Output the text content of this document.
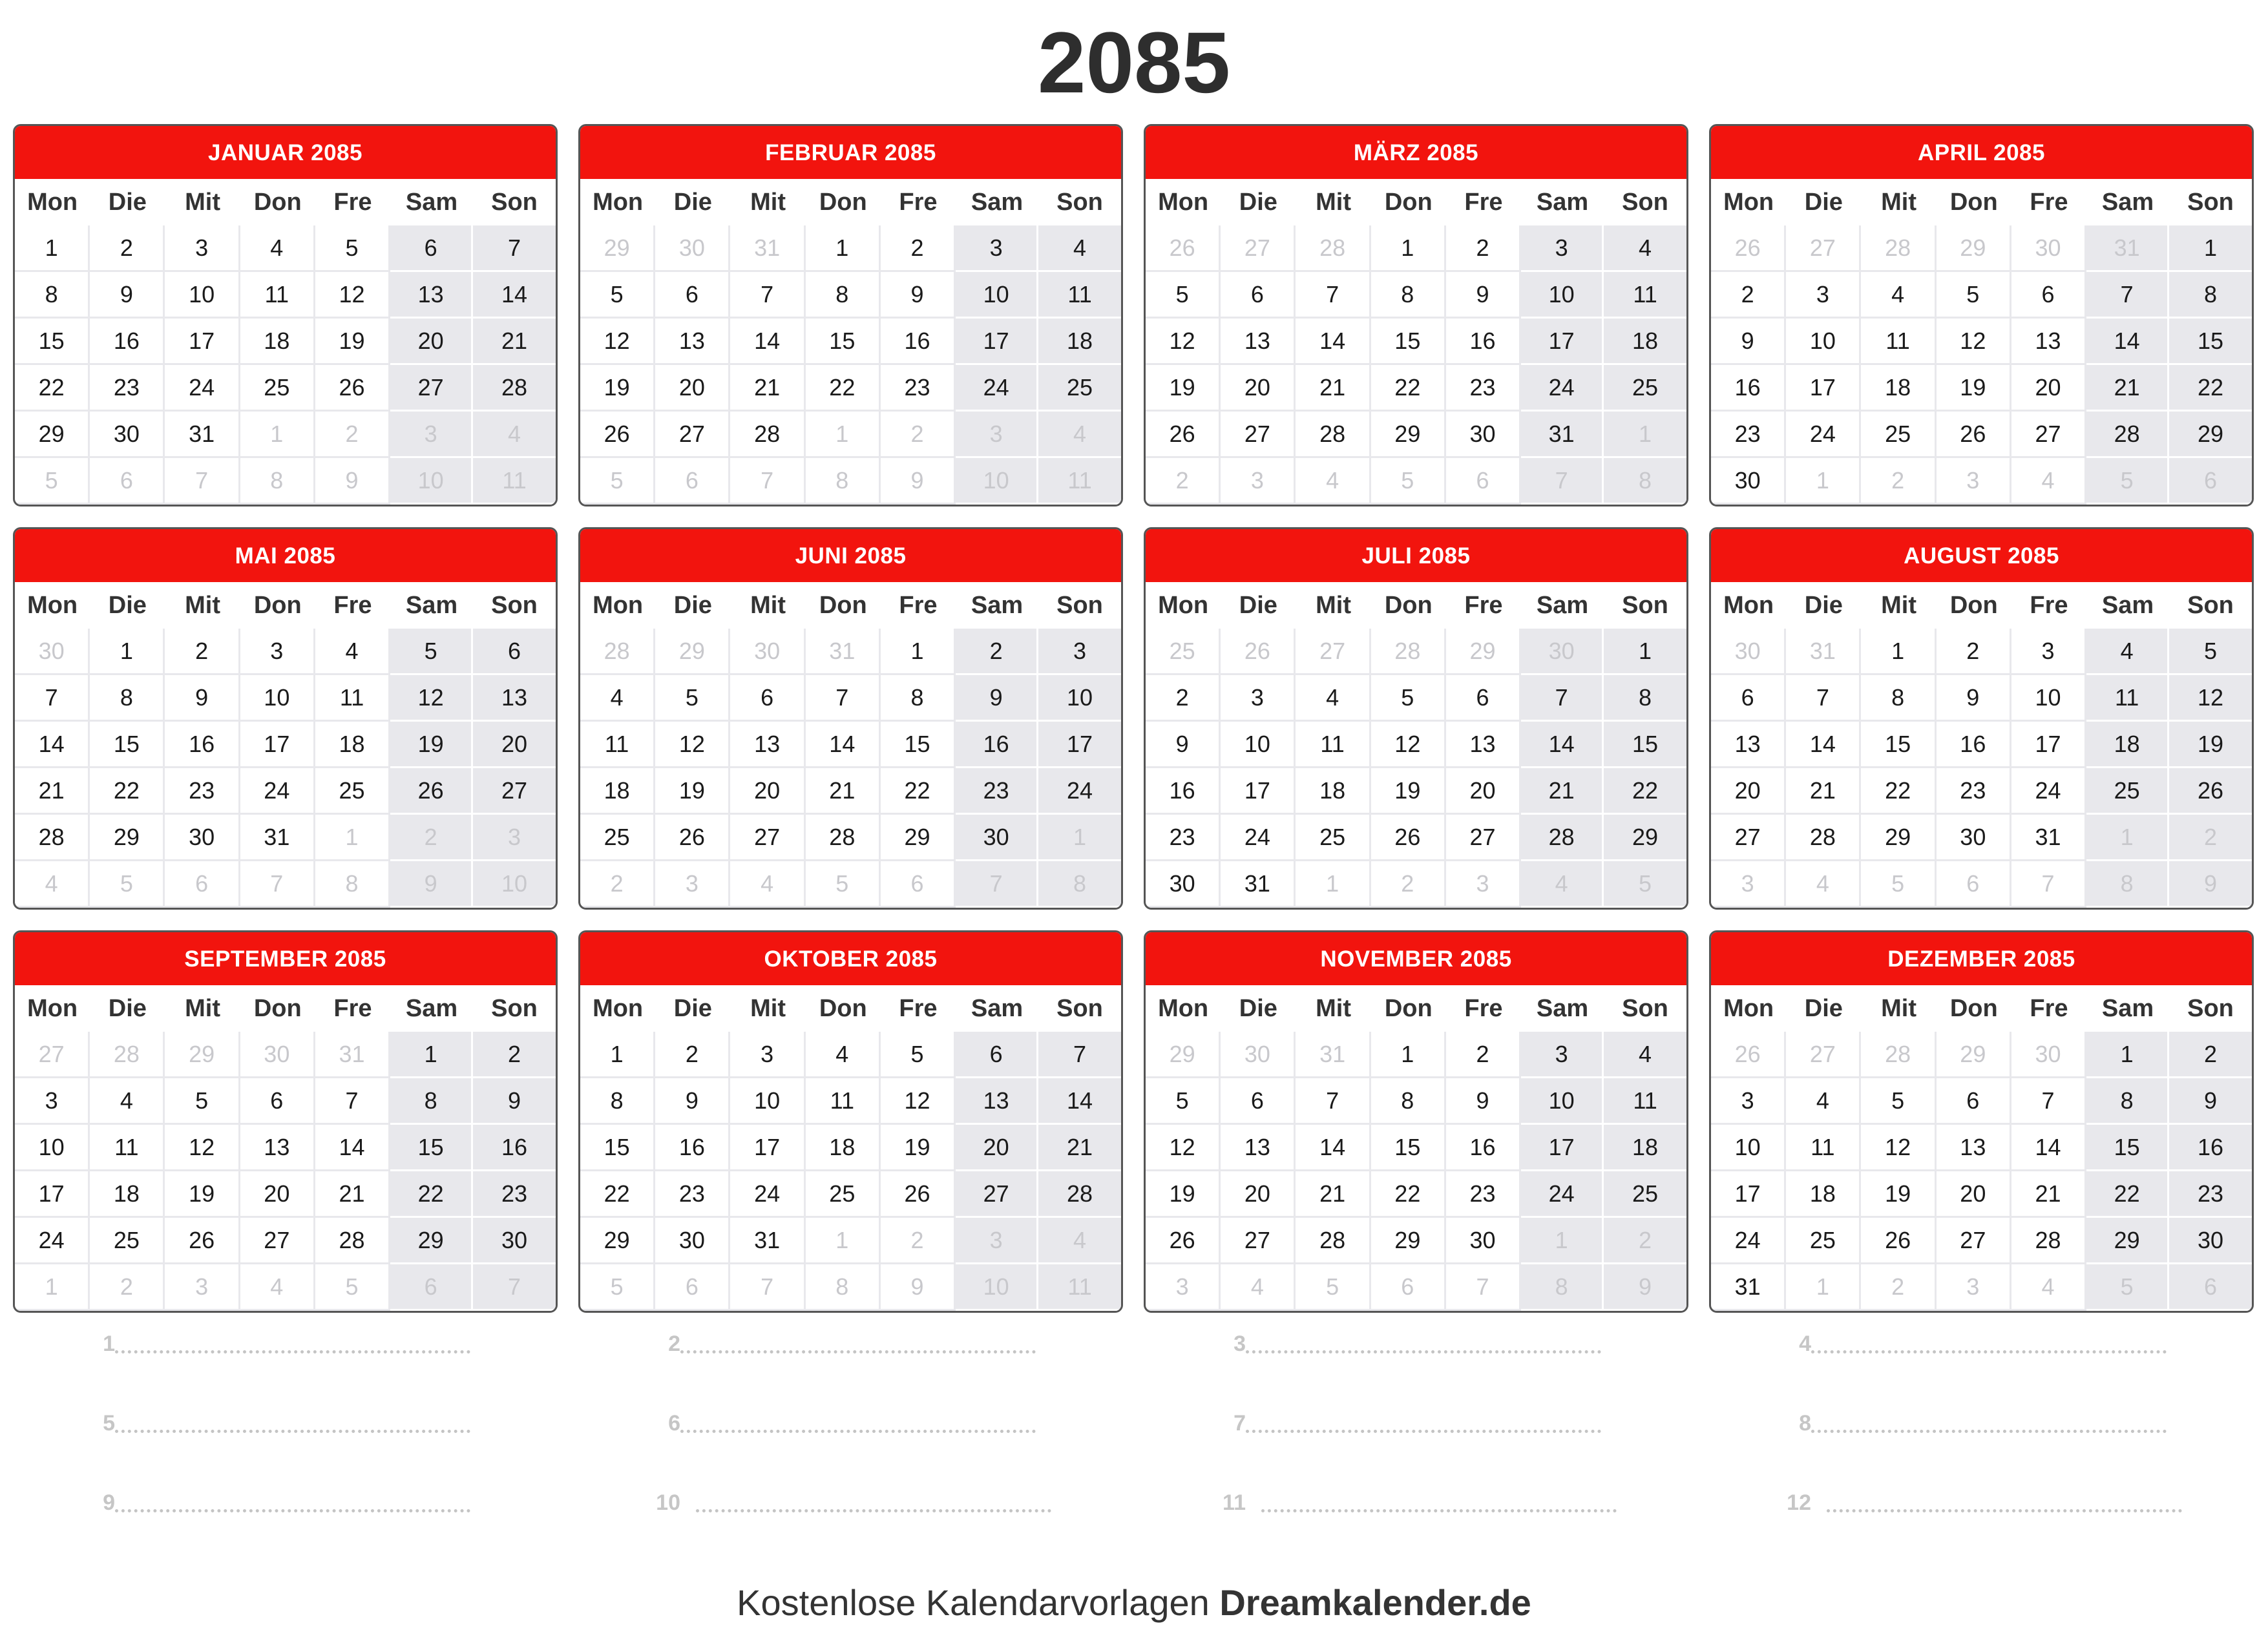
2085
JANUAR 2085
Mon	Die	Mit	Don	Fre	Sam	Son
1	2	3	4	5	6	7
8	9	10	11	12	13	14
15	16	17	18	19	20	21
22	23	24	25	26	27	28
29	30	31	1	2	3	4
5	6	7	8	9	10	11
FEBRUAR 2085
Mon	Die	Mit	Don	Fre	Sam	Son
29	30	31	1	2	3	4
5	6	7	8	9	10	11
12	13	14	15	16	17	18
19	20	21	22	23	24	25
26	27	28	1	2	3	4
5	6	7	8	9	10	11
MÄRZ 2085
Mon	Die	Mit	Don	Fre	Sam	Son
26	27	28	1	2	3	4
5	6	7	8	9	10	11
12	13	14	15	16	17	18
19	20	21	22	23	24	25
26	27	28	29	30	31	1
2	3	4	5	6	7	8
APRIL 2085
Mon	Die	Mit	Don	Fre	Sam	Son
26	27	28	29	30	31	1
2	3	4	5	6	7	8
9	10	11	12	13	14	15
16	17	18	19	20	21	22
23	24	25	26	27	28	29
30	1	2	3	4	5	6
MAI 2085
Mon	Die	Mit	Don	Fre	Sam	Son
30	1	2	3	4	5	6
7	8	9	10	11	12	13
14	15	16	17	18	19	20
21	22	23	24	25	26	27
28	29	30	31	1	2	3
4	5	6	7	8	9	10
JUNI 2085
Mon	Die	Mit	Don	Fre	Sam	Son
28	29	30	31	1	2	3
4	5	6	7	8	9	10
11	12	13	14	15	16	17
18	19	20	21	22	23	24
25	26	27	28	29	30	1
2	3	4	5	6	7	8
JULI 2085
Mon	Die	Mit	Don	Fre	Sam	Son
25	26	27	28	29	30	1
2	3	4	5	6	7	8
9	10	11	12	13	14	15
16	17	18	19	20	21	22
23	24	25	26	27	28	29
30	31	1	2	3	4	5
AUGUST 2085
Mon	Die	Mit	Don	Fre	Sam	Son
30	31	1	2	3	4	5
6	7	8	9	10	11	12
13	14	15	16	17	18	19
20	21	22	23	24	25	26
27	28	29	30	31	1	2
3	4	5	6	7	8	9
SEPTEMBER 2085
Mon	Die	Mit	Don	Fre	Sam	Son
27	28	29	30	31	1	2
3	4	5	6	7	8	9
10	11	12	13	14	15	16
17	18	19	20	21	22	23
24	25	26	27	28	29	30
1	2	3	4	5	6	7
OKTOBER 2085
Mon	Die	Mit	Don	Fre	Sam	Son
1	2	3	4	5	6	7
8	9	10	11	12	13	14
15	16	17	18	19	20	21
22	23	24	25	26	27	28
29	30	31	1	2	3	4
5	6	7	8	9	10	11
NOVEMBER 2085
Mon	Die	Mit	Don	Fre	Sam	Son
29	30	31	1	2	3	4
5	6	7	8	9	10	11
12	13	14	15	16	17	18
19	20	21	22	23	24	25
26	27	28	29	30	1	2
3	4	5	6	7	8	9
DEZEMBER 2085
Mon	Die	Mit	Don	Fre	Sam	Son
26	27	28	29	30	1	2
3	4	5	6	7	8	9
10	11	12	13	14	15	16
17	18	19	20	21	22	23
24	25	26	27	28	29	30
31	1	2	3	4	5	6
1	2	3	4
5	6	7	8
9	10	11	12
Kostenlose Kalendarvorlagen Dreamkalender.de
